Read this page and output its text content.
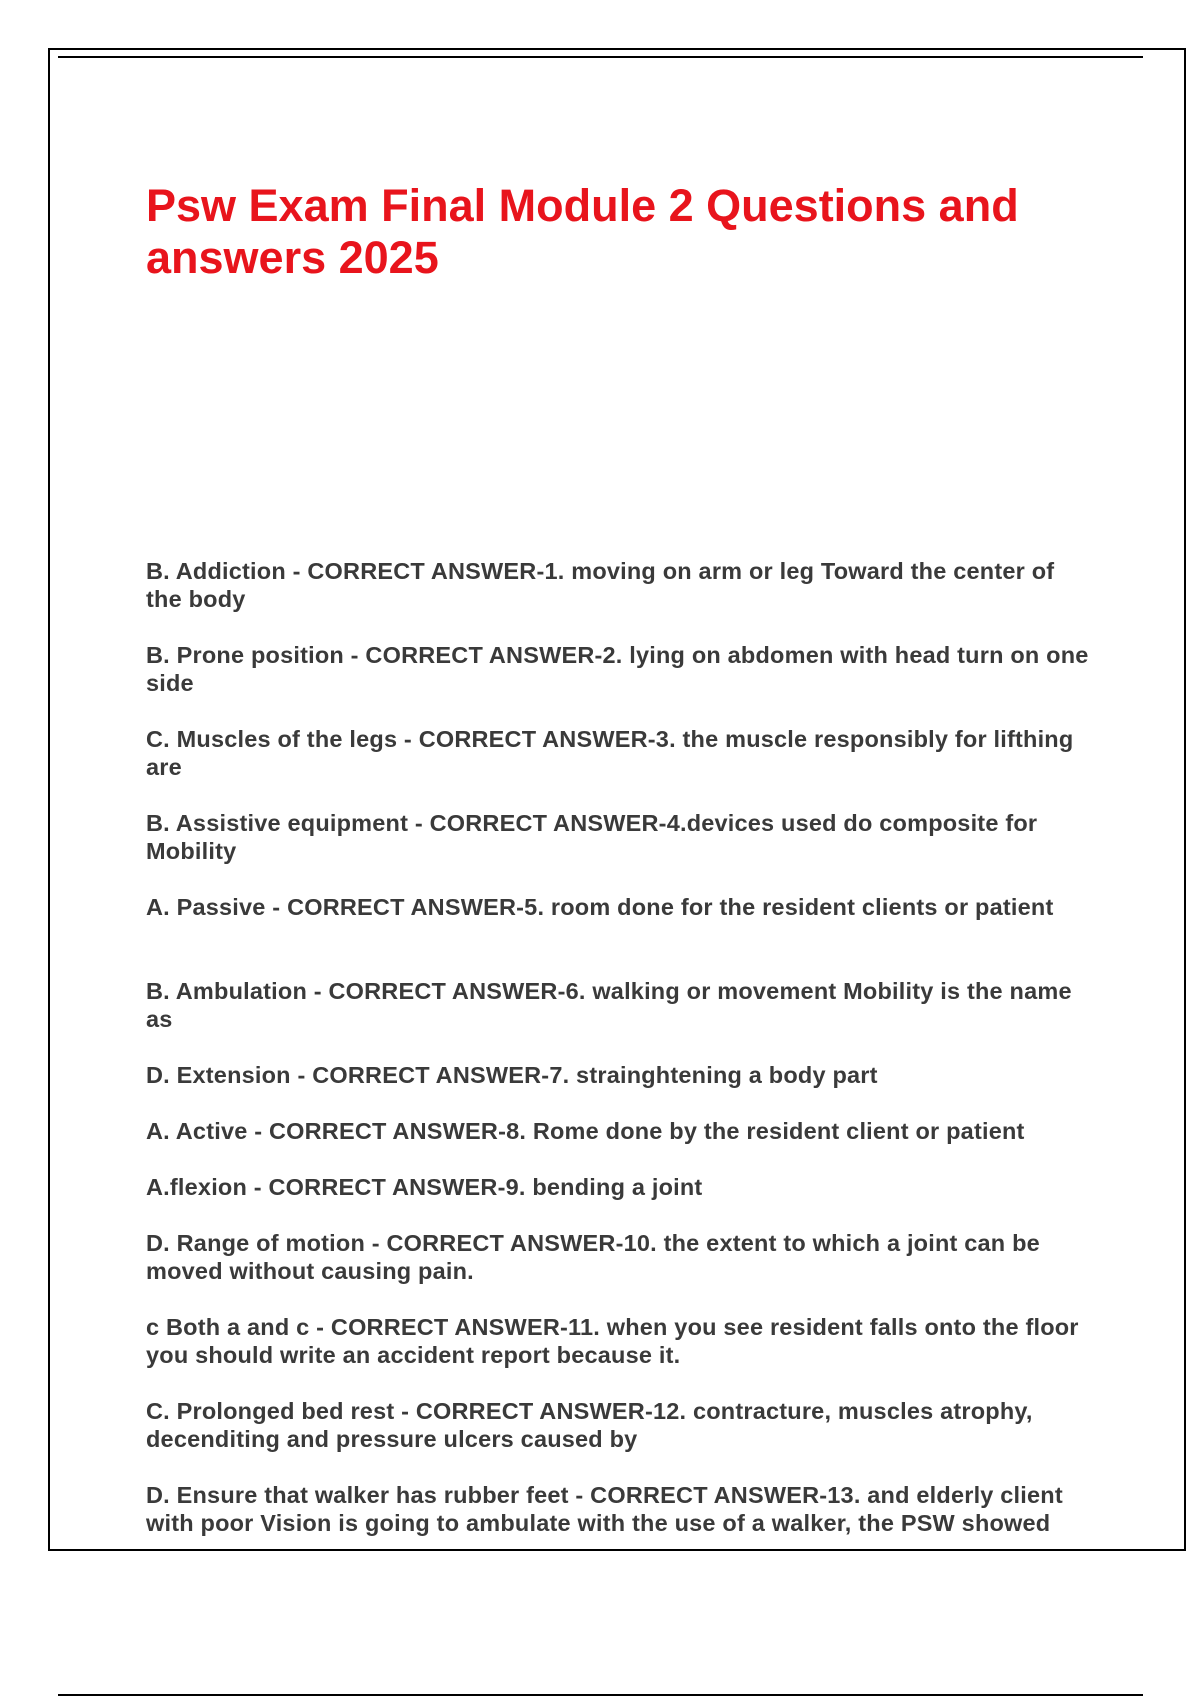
Psw Exam Final Module 2 Questions and answers 2025
B. Addiction - CORRECT ANSWER-1. moving on arm or leg Toward the center of the body
B. Prone position - CORRECT ANSWER-2. lying on abdomen with head turn on one side
C. Muscles of the legs - CORRECT ANSWER-3. the muscle responsibly for lifthing are
B. Assistive equipment - CORRECT ANSWER-4.devices used do composite for Mobility
A. Passive - CORRECT ANSWER-5. room done for the resident clients or patient
B. Ambulation - CORRECT ANSWER-6. walking or movement Mobility is the name as
D. Extension - CORRECT ANSWER-7. strainghtening a body part
A. Active - CORRECT ANSWER-8. Rome done by the resident client or patient
A.flexion - CORRECT ANSWER-9. bending a joint
D. Range of motion - CORRECT ANSWER-10. the extent to which a joint can be moved without causing pain.
c Both a and c - CORRECT ANSWER-11. when you see resident falls onto the floor you should write an accident report because it.
C. Prolonged bed rest - CORRECT ANSWER-12. contracture, muscles atrophy, decenditing and pressure ulcers caused by
D. Ensure that walker has rubber feet - CORRECT ANSWER-13. and elderly client with poor Vision is going to ambulate with the use of a walker, the PSW showed
